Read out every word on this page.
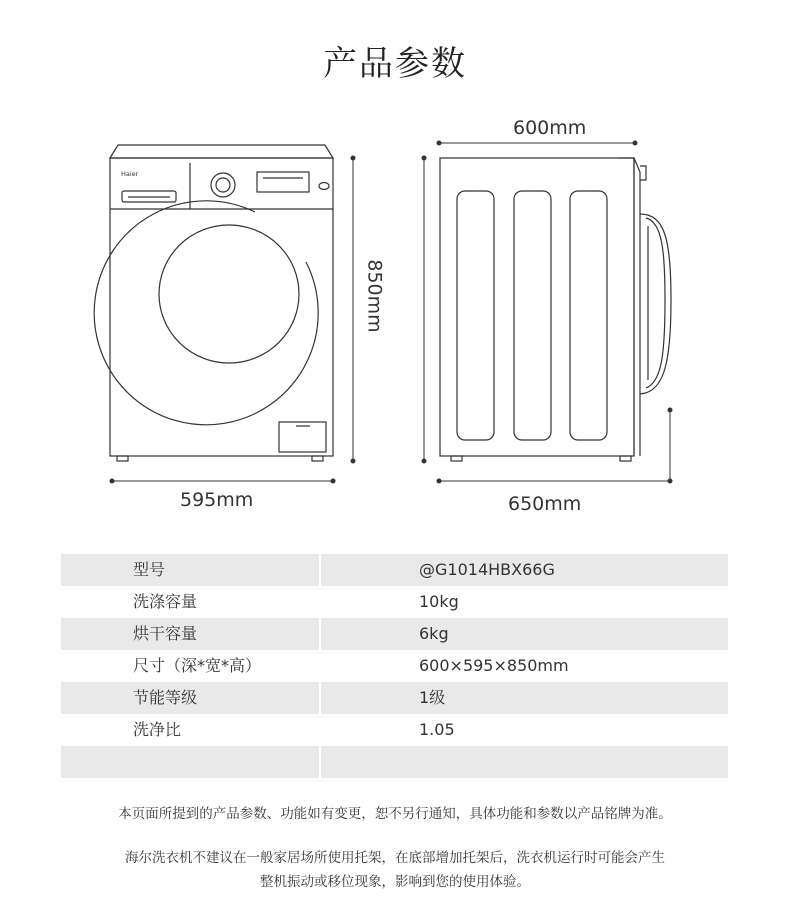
产品参数
Haier
595mm	650mm
600mm
850mm
型号	@G1014HBX66G
洗涤容量	10kg
烘干容量	6kg
尺寸（深*宽*高）	600×595×850mm
节能等级	1级
洗净比	1.05
本页面所提到的产品参数、功能如有变更，恕不另行通知，具体功能和参数以产品铭牌为准。
海尔洗衣机不建议在一般家居场所使用托架，在底部增加托架后，洗衣机运行时可能会产生
整机振动或移位现象，影响到您的使用体验。
